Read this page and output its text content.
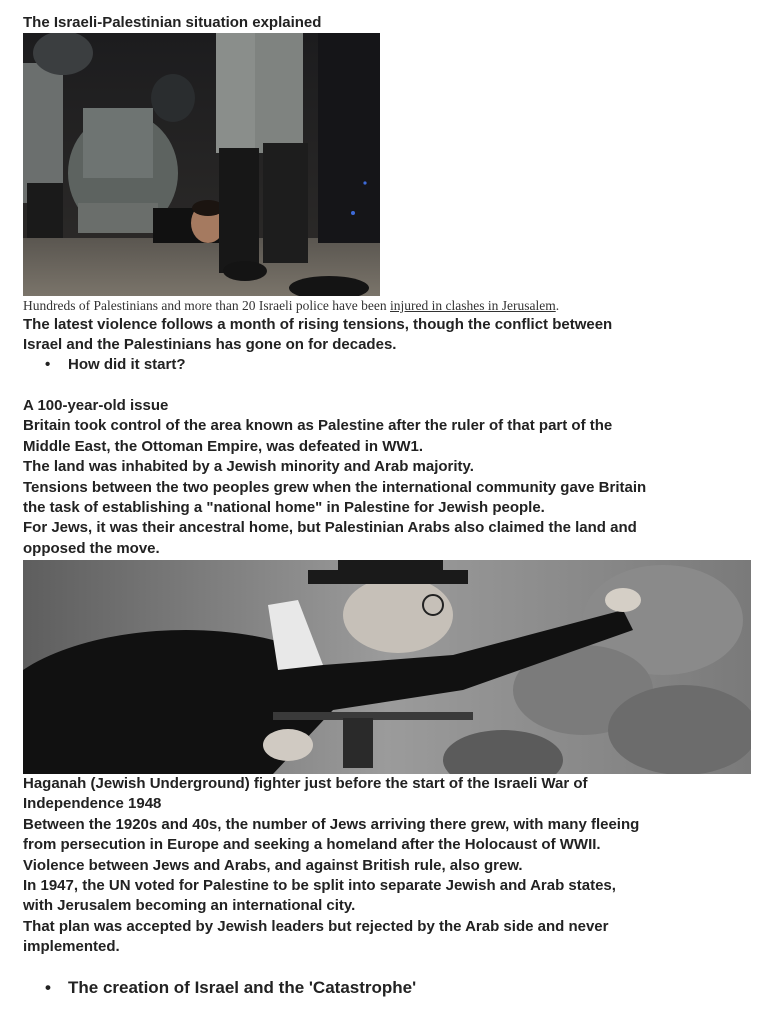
The Israeli-Palestinian situation explained
Hundreds of Palestinians and more than 20 Israeli police have been injured in clashes in Jerusalem.

The latest violence follows a month of rising tensions, though the conflict between

Israel and the Palestinians has gone on for decades.

• How did it start?

A 100-year-old issue

Britain took control of the area known as Palestine after the ruler of that part of the

Middle East, the Ottoman Empire, was defeated in WW1.

The land was inhabited by a Jewish minority and Arab majority.

Tensions between the two peoples grew when the international community gave Britain

the task of establishing a "national home" in Palestine for Jewish people.

For Jews, it was their ancestral home, but Palestinian Arabs also claimed the land and

opposed the move.

Haganah (Jewish Underground) fighter just before the start of the Israeli War of

Independence 1948

Between the 1920s and 40s, the number of Jews arriving there grew, with many fleeing

from persecution in Europe and seeking a homeland after the Holocaust of WWII.

Violence between Jews and Arabs, and against British rule, also grew.

In 1947, the UN voted for Palestine to be split into separate Jewish and Arab states,

with Jerusalem becoming an international city.

That plan was accepted by Jewish leaders but rejected by the Arab side and never

implemented.

• The creation of Israel and the 'Catastrophe'
